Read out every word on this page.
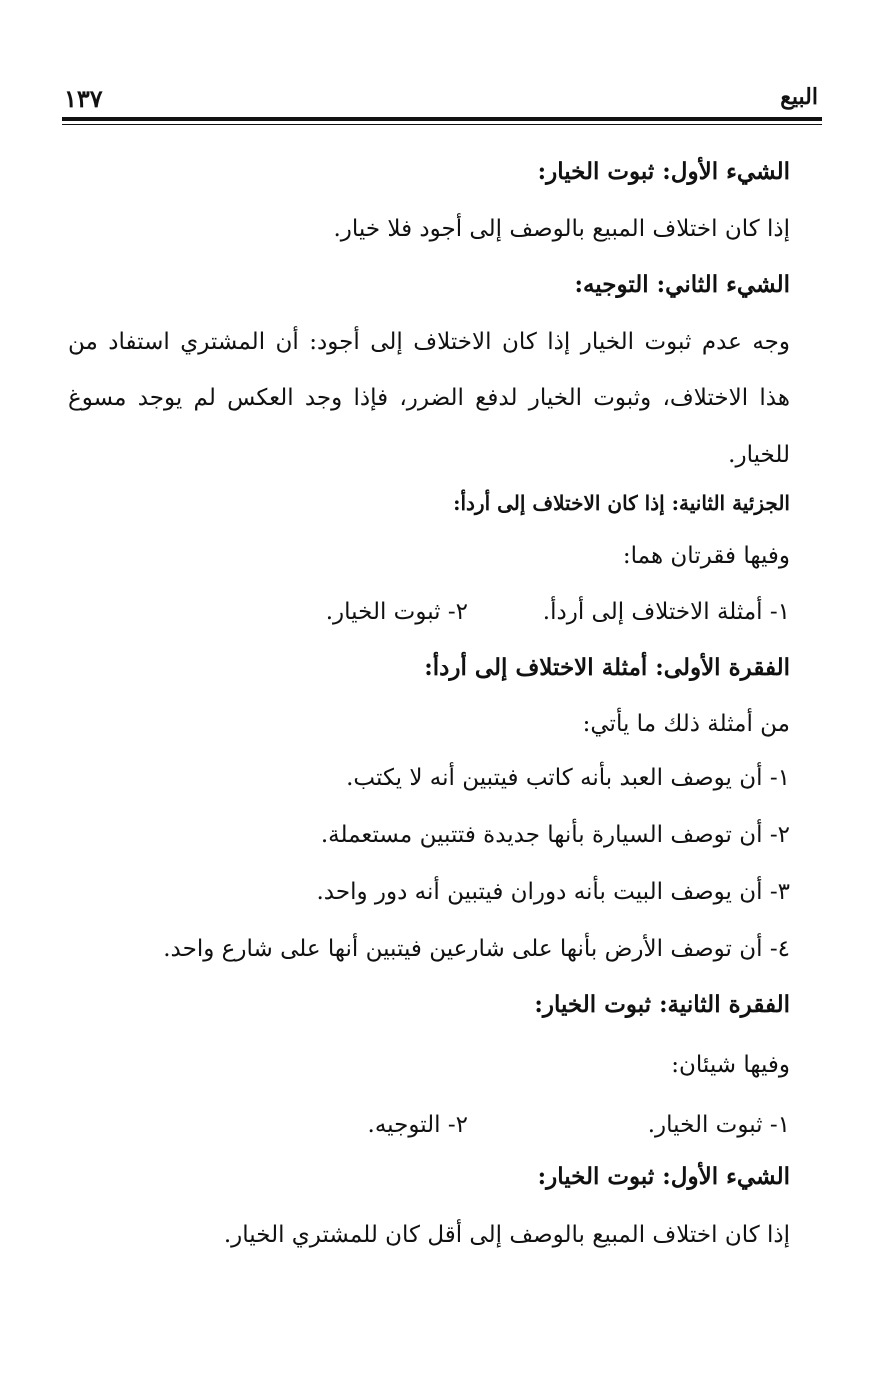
البيع
١٣٧
الشيء الأول: ثبوت الخيار:
إذا كان اختلاف المبيع بالوصف إلى أجود فلا خيار.
الشيء الثاني: التوجيه:
وجه عدم ثبوت الخيار إذا كان الاختلاف إلى أجود: أن المشتري استفاد من
هذا الاختلاف، وثبوت الخيار لدفع الضرر، فإذا وجد العكس لم يوجد مسوغ
للخيار.
الجزئية الثانية: إذا كان الاختلاف إلى أردأ:
وفيها فقرتان هما:
١- أمثلة الاختلاف إلى أردأ.
٢- ثبوت الخيار.
الفقرة الأولى: أمثلة الاختلاف إلى أردأ:
من أمثلة ذلك ما يأتي:
١- أن يوصف العبد بأنه كاتب فيتبين أنه لا يكتب.
٢- أن توصف السيارة بأنها جديدة فتتبين مستعملة.
٣- أن يوصف البيت بأنه دوران فيتبين أنه دور واحد.
٤- أن توصف الأرض بأنها على شارعين فيتبين أنها على شارع واحد.
الفقرة الثانية: ثبوت الخيار:
وفيها شيئان:
١- ثبوت الخيار.
٢- التوجيه.
الشيء الأول: ثبوت الخيار:
إذا كان اختلاف المبيع بالوصف إلى أقل كان للمشتري الخيار.
